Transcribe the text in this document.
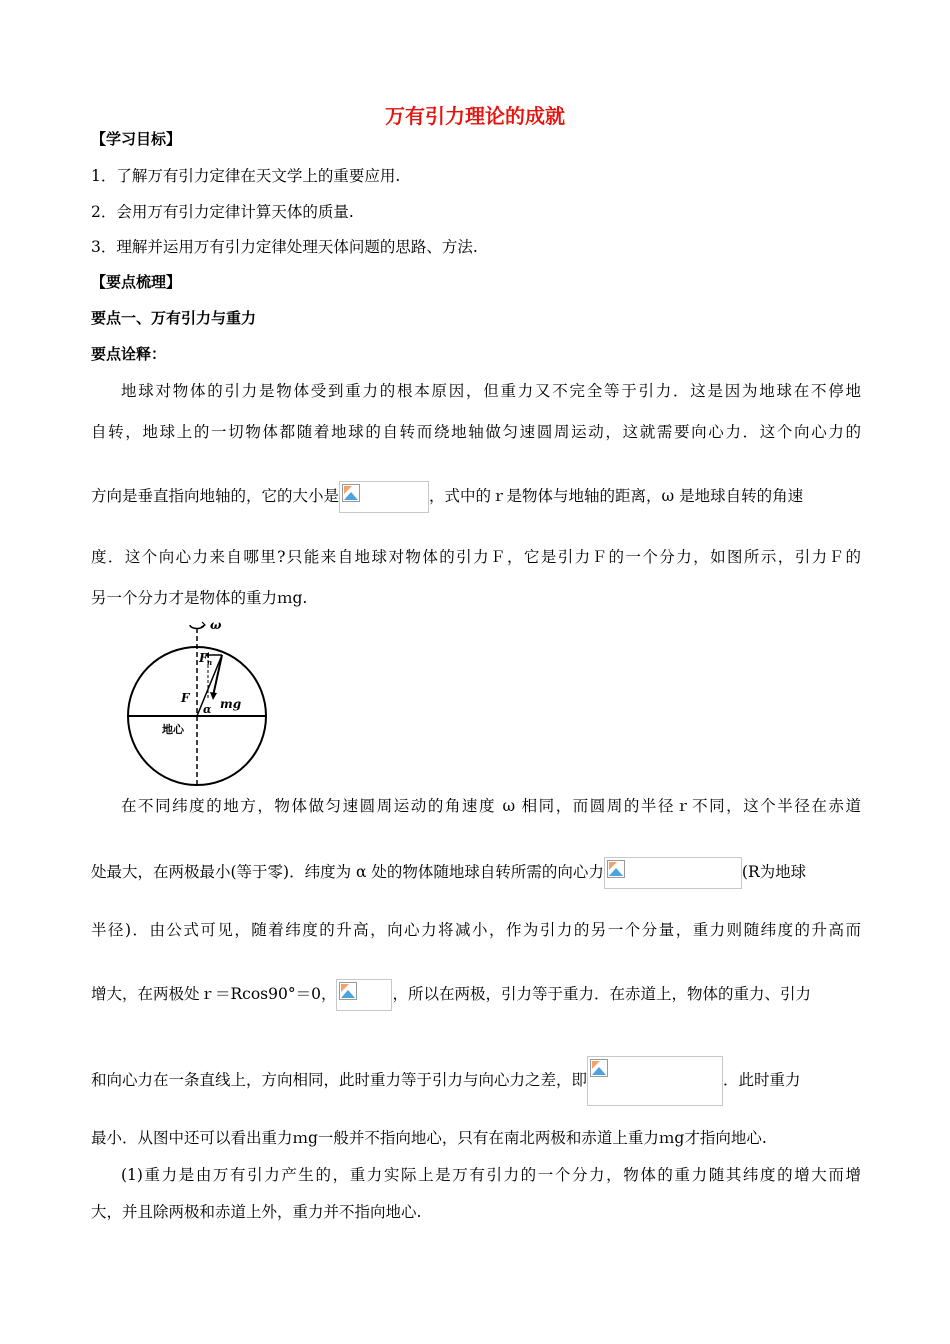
万有引力理论的成就
【学习目标】
1．了解万有引力定律在天文学上的重要应用.
2．会用万有引力定律计算天体的质量.
3．理解并运用万有引力定律处理天体问题的思路、方法.
【要点梳理】
要点一、万有引力与重力
要点诠释：
地球对物体的引力是物体受到重力的根本原因，但重力又不完全等于引力．这是因为地球在不停地
自转，地球上的一切物体都随着地球的自转而绕地轴做匀速圆周运动，这就需要向心力．这个向心力的
方向是垂直指向地轴的，它的大小是	，式中的ｒ是物体与地轴的距离，ω 是地球自转的角速
度．这个向心力来自哪里?只能来自地球对物体的引力Ｆ，它是引力Ｆ的一个分力，如图所示，引力Ｆ的
另一个分力才是物体的重力ｍg.
ω
F n
F
α mg
地心
在不同纬度的地方，物体做匀速圆周运动的角速度 ω 相同，而圆周的半径ｒ不同，这个半径在赤道
处最大，在两极最小(等于零)．纬度为 α 处的物体随地球自转所需的向心力	(R为地球
半径)．由公式可见，随着纬度的升高，向心力将减小，作为引力的另一个分量，重力则随纬度的升高而
增大，在两极处ｒ＝Rcos90°＝0，	，所以在两极，引力等于重力．在赤道上，物体的重力、引力
和向心力在一条直线上，方向相同，此时重力等于引力与向心力之差，即	．此时重力
最小．从图中还可以看出重力ｍg一般并不指向地心，只有在南北两极和赤道上重力ｍg才指向地心.
(1)重力是由万有引力产生的，重力实际上是万有引力的一个分力，物体的重力随其纬度的增大而增
大，并且除两极和赤道上外，重力并不指向地心.
